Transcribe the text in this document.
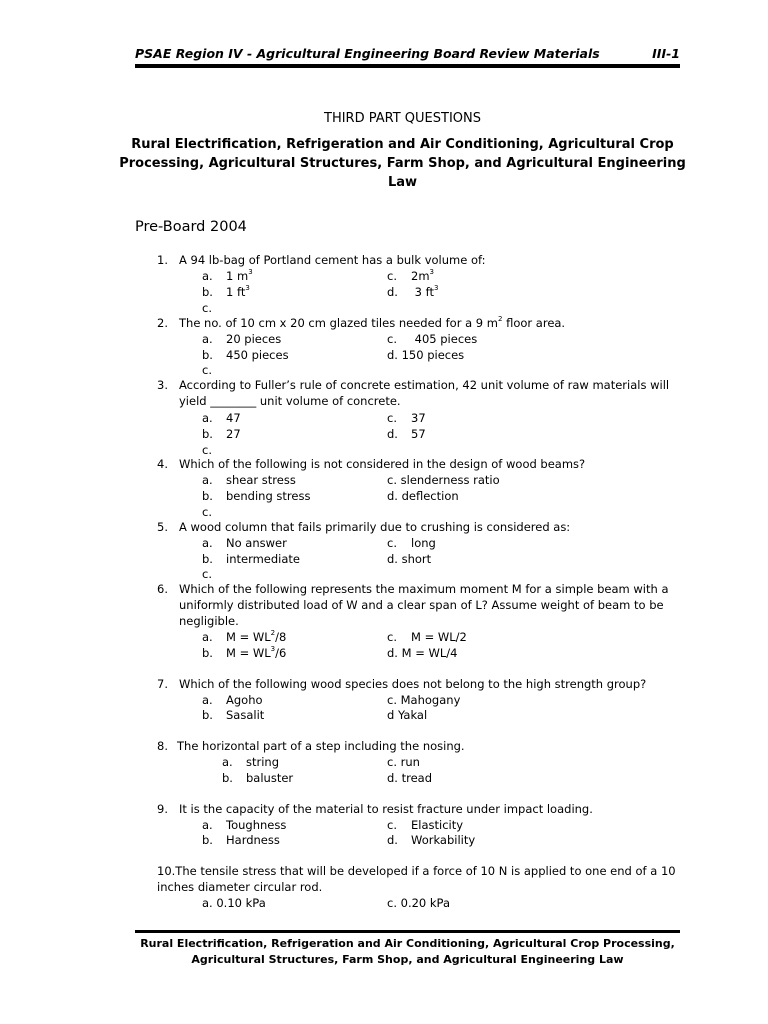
PSAE Region IV - Agricultural Engineering Board Review Materials	III-1
THIRD PART QUESTIONS
Rural Electrification, Refrigeration and Air Conditioning, Agricultural Crop Processing, Agricultural Structures, Farm Shop, and Agricultural Engineering Law
Pre-Board 2004
1. A 94 lb-bag of Portland cement has a bulk volume of:
a. 1 $m^3$	c. $2m^3$
b. 1 $ft^3$	d. 3 $ft^3$
c.
2. The no. of 10 cm x 20 cm glazed tiles needed for a 9 $m^2$ floor area.
a. 20 pieces	c. 405 pieces
b. 450 pieces	d. 150 pieces
c.
3. According to Fuller’s rule of concrete estimation, 42 unit volume of raw materials will
yield ________ unit volume of concrete.
a. 47	c. 37
b. 27	d. 57
c.
4. Which of the following is not considered in the design of wood beams?
a. shear stress	c. slenderness ratio
b. bending stress	d. deflection
c.
5. A wood column that fails primarily due to crushing is considered as:
a. No answer	c. long
b. intermediate	d. short
c.
6. Which of the following represents the maximum moment M for a simple beam with a
uniformly distributed load of W and a clear span of L? Assume weight of beam to be
negligible.
a. $M = WL^2/8$	c. M = WL/2
b. $M = WL^3/6$	d. M = WL/4
7. Which of the following wood species does not belong to the high strength group?
a. Agoho	c. Mahogany
b. Sasalit	d Yakal
8. The horizontal part of a step including the nosing.
a. string	c. run
b. baluster	d. tread
9. It is the capacity of the material to resist fracture under impact loading.
a. Toughness	c. Elasticity
b. Hardness	d. Workability
10.The tensile stress that will be developed if a force of 10 N is applied to one end of a 10
inches diameter circular rod.
a. 0.10 kPa	c. 0.20 kPa
Rural Electrification, Refrigeration and Air Conditioning, Agricultural Crop Processing,
Agricultural Structures, Farm Shop, and Agricultural Engineering Law
